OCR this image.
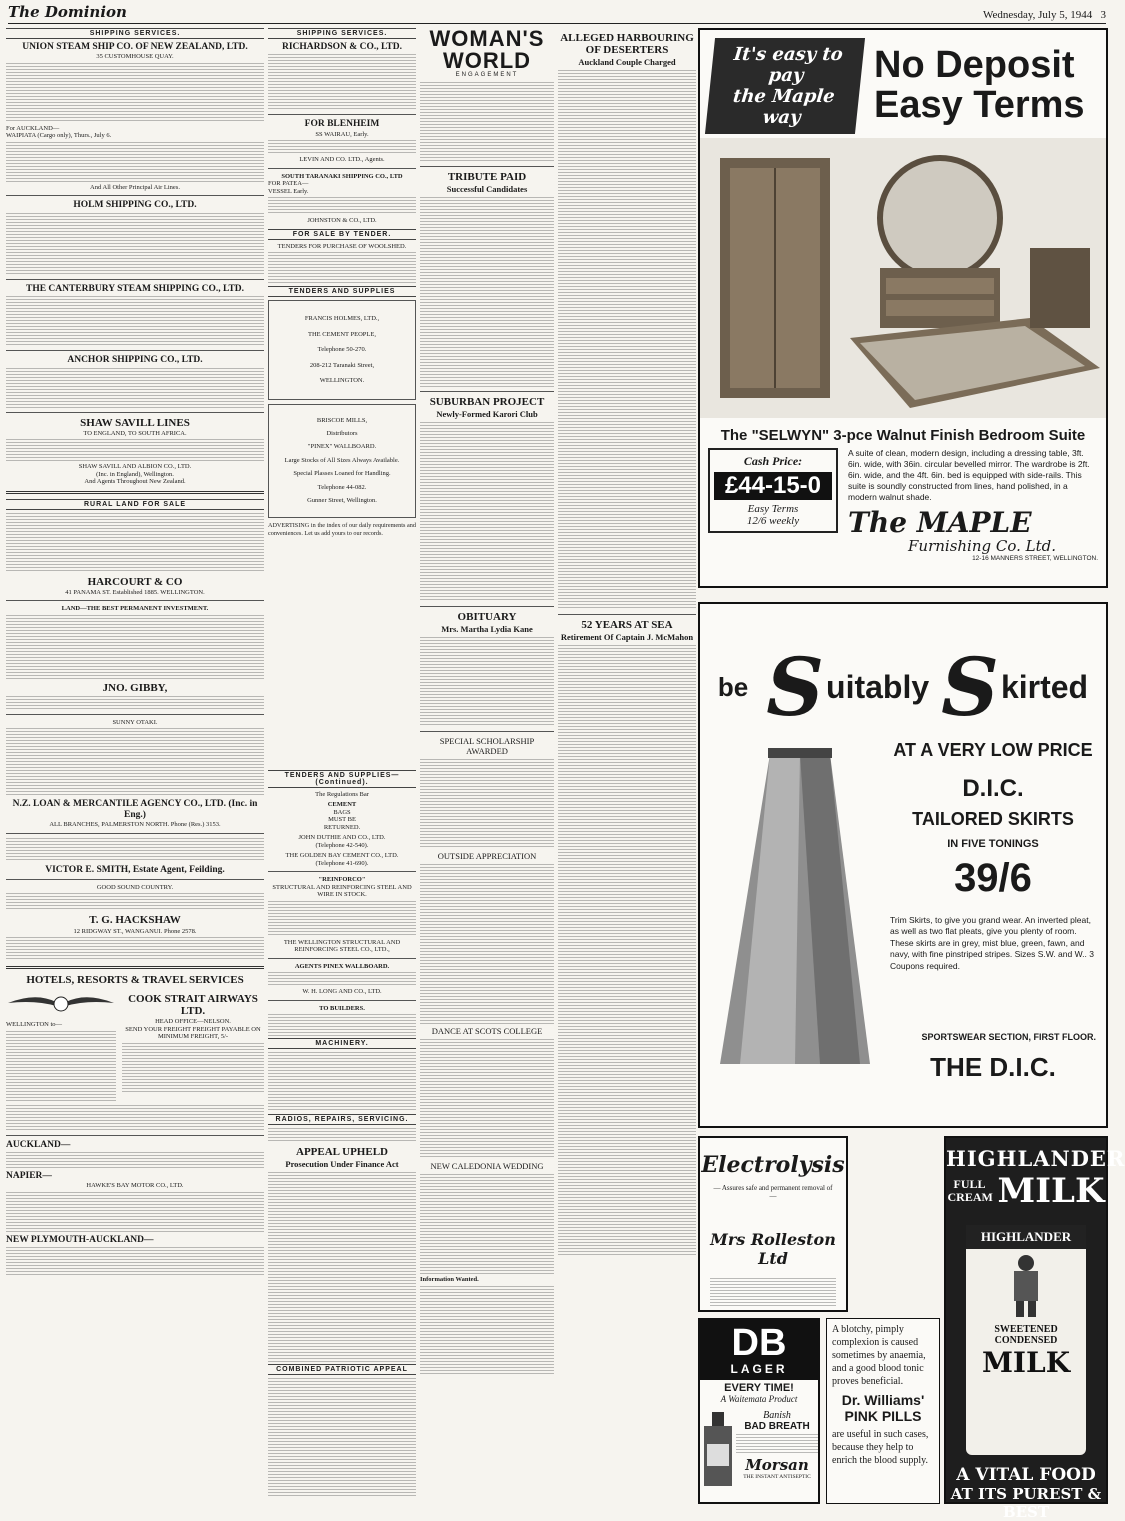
The Dominion	Wednesday, July 5, 1944 3
SHIPPING SERVICES.
UNION STEAM SHIP CO. OF NEW ZEALAND, LTD.
35 CUSTOMHOUSE QUAY.
For AUCKLAND—
WAIPIATA (Cargo only), Thurs., July 6.
And All Other Principal Air Lines.
HOLM SHIPPING CO., LTD.
THE CANTERBURY STEAM SHIPPING CO., LTD.
ANCHOR SHIPPING CO., LTD.
SHAW SAVILL LINES
TO ENGLAND, TO SOUTH AFRICA.
SHAW SAVILL AND ALBION CO., LTD.
(Inc. in England), Wellington.
And Agents Throughout New Zealand.
RURAL LAND FOR SALE
HARCOURT & CO
41 PANAMA ST. Established 1885. WELLINGTON.
LAND—THE BEST PERMANENT INVESTMENT.
JNO. GIBBY,
SUNNY OTAKI.
N.Z. LOAN & MERCANTILE AGENCY CO., LTD. (Inc. in Eng.)
ALL BRANCHES, PALMERSTON NORTH. Phone (Res.) 3153.
VICTOR E. SMITH, Estate Agent, Feilding.
GOOD SOUND COUNTRY.
T. G. HACKSHAW
12 RIDGWAY ST., WANGANUI. Phone 2578.
HOTELS, RESORTS & TRAVEL SERVICES
WELLINGTON to—
COOK STRAIT AIRWAYS LTD.
HEAD OFFICE—NELSON.
SEND YOUR FREIGHT FREIGHT PAYABLE ON MINIMUM FREIGHT, 5/-
AUCKLAND—
NAPIER—
HAWKE'S BAY MOTOR CO., LTD.
NEW PLYMOUTH-AUCKLAND—
SHIPPING SERVICES.
RICHARDSON & CO., LTD.
FOR BLENHEIM
SS WAIRAU, Early.
LEVIN AND CO. LTD., Agents.
SOUTH TARANAKI SHIPPING CO., LTD
FOR PATEA—
VESSEL Early.
JOHNSTON & CO., LTD.
FOR SALE BY TENDER.
TENDERS FOR PURCHASE OF WOOLSHED.
TENDERS AND SUPPLIES
FRANCIS HOLMES, LTD.,
THE CEMENT PEOPLE,
Telephone 50-270.
208-212 Taranaki Street,
WELLINGTON.
BRISCOE MILLS,
Distributors
"PINEX" WALLBOARD.
Large Stocks of All Sizes Always Available.
Special Plasses Loaned for Handling.
Telephone 44-082.
Gunner Street, Wellington.
ADVERTISING in the index of our daily requirements and conveniences. Let us add yours to our records.
TENDERS AND SUPPLIES—(Continued).
The Regulations Bar
CEMENT
BAGS
MUST BE
RETURNED.
JOHN DUTHIE AND CO., LTD.
(Telephone 42-540).
THE GOLDEN BAY CEMENT CO., LTD.
(Telephone 41-690).
"REINFORCO"
STRUCTURAL AND REINFORCING STEEL AND WIRE IN STOCK.
THE WELLINGTON STRUCTURAL AND REINFORCING STEEL CO., LTD.,
AGENTS PINEX WALLBOARD.
W. H. LONG AND CO., LTD.
TO BUILDERS.
MACHINERY.
RADIOS, REPAIRS, SERVICING.
APPEAL UPHELD
Prosecution Under Finance Act
COMBINED PATRIOTIC APPEAL
WOMAN'S
WORLD
ENGAGEMENT
TRIBUTE PAID
Successful Candidates
SUBURBAN PROJECT
Newly-Formed Karori Club
OBITUARY
Mrs. Martha Lydia Kane
SPECIAL SCHOLARSHIP AWARDED
OUTSIDE APPRECIATION
DANCE AT SCOTS COLLEGE
NEW CALEDONIA WEDDING
Information Wanted.
ALLEGED HARBOURING OF DESERTERS
Auckland Couple Charged
52 YEARS AT SEA
Retirement Of Captain J. McMahon
It's easy to pay
the Maple way
No Deposit
Easy Terms
The "SELWYN" 3-pce Walnut Finish Bedroom Suite
Cash Price:
£44-15-0
Easy Terms
12/6 weekly
A suite of clean, modern design, including a dressing table, 3ft. 6in. wide, with 36in. circular bevelled mirror. The wardrobe is 2ft. 6in. wide, and the 4ft. 6in. bed is equipped with side-rails. This suite is soundly constructed from lines, hand polished, in a modern walnut shade.
The MAPLE
Furnishing Co. Ltd.
12-16 MANNERS STREET, WELLINGTON.
be S uitably S kirted
AT A VERY LOW PRICE
D.I.C.
TAILORED SKIRTS
IN FIVE TONINGS
39/6
Trim Skirts, to give you grand wear. An inverted pleat, as well as two flat pleats, give you plenty of room. These skirts are in grey, mist blue, green, fawn, and navy, with fine pinstriped stripes. Sizes S.W. and W.. 3 Coupons required.
SPORTSWEAR SECTION, FIRST FLOOR.
THE D.I.C.
Electrolysis
— Assures safe and permanent removal of —
Mrs Rolleston Ltd
DB
LAGER
EVERY TIME!
A Waitemata Product
Banish
BAD BREATH
Morsan
THE INSTANT ANTISEPTIC
A blotchy, pimply complexion is caused sometimes by anaemia, and a good blood tonic proves beneficial.
Dr. Williams'
PINK PILLS
are useful in such cases, because they help to enrich the blood supply.
HIGHLANDER
FULL CREAM MILK
HIGHLANDER
SWEETENED CONDENSED
MILK
A VITAL FOOD
AT ITS PUREST & BEST
